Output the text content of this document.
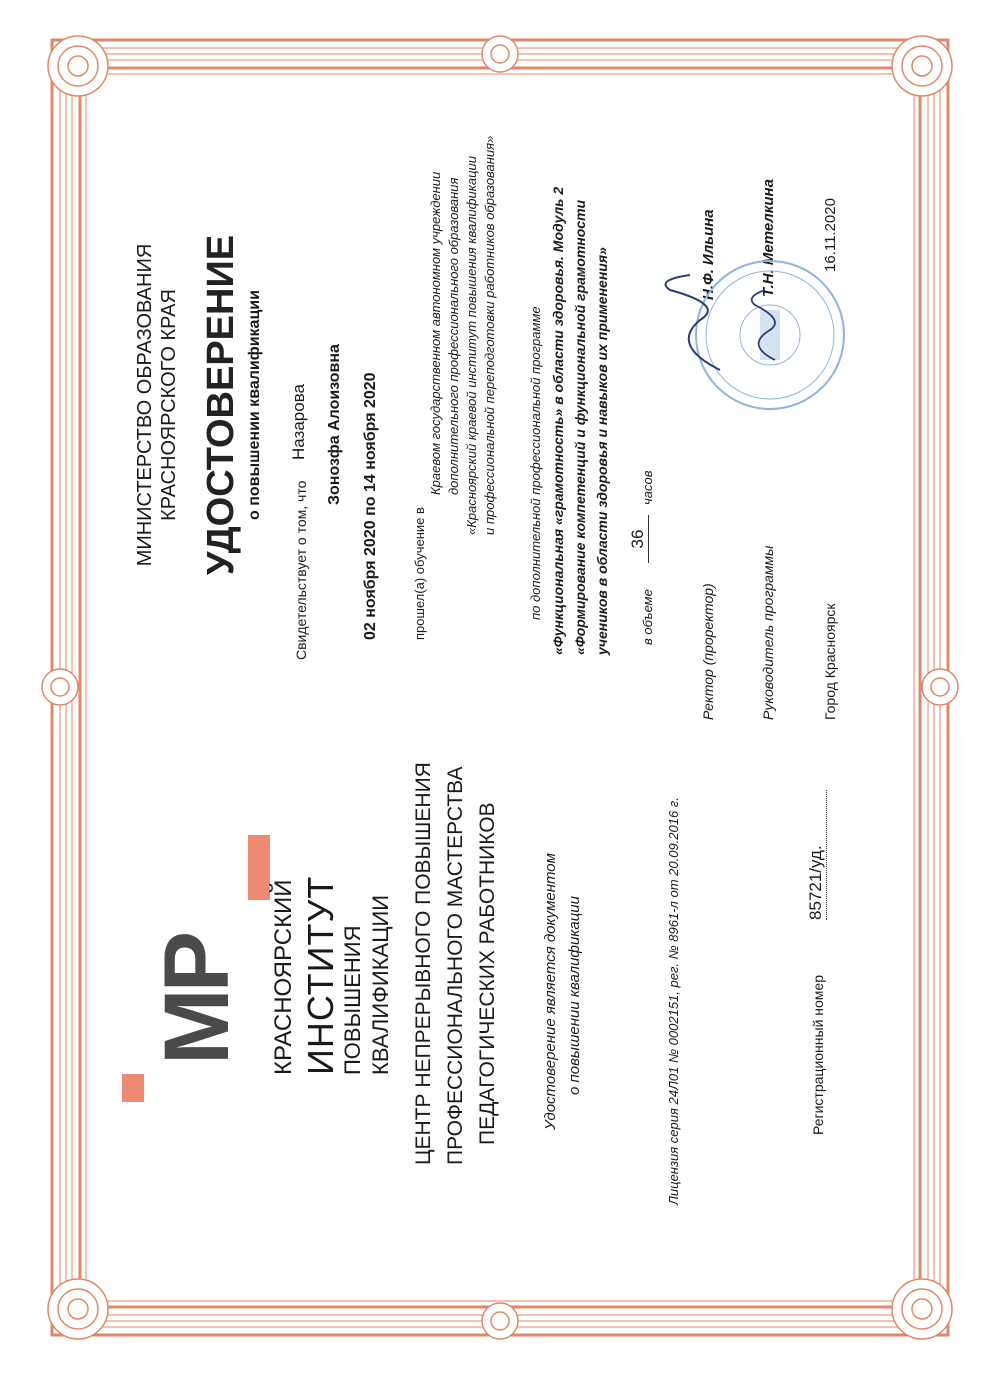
МР КРАСНОЯРСКИЙ ИНСТИТУТ ПОВЫШЕНИЯ КВАЛИФИКАЦИИ ЦЕНТР НЕПРЕРЫВНОГО ПОВЫШЕНИЯ ПРОФЕССИОНАЛЬНОГО МАСТЕРСТВА ПЕДАГОГИЧЕСКИХ РАБОТНИКОВ	Удостоверение является документом о повышении квалификации	Лицензия серия 24Л01 № 0002151, рег. № 8961-л от 20.09.2016 г.	Регистрационный номер
85721/уд.
МИНИСТЕРСТВО ОБРАЗОВАНИЯ КРАСНОЯРСКОГО КРАЯ УДОСТОВЕРЕНИЕ о повышении квалификации
Свидетельствует о том, что
Назарова Зонозфа Алоизовна 02 ноября 2020 по 14 ноября 2020	прошел(а) обучение в
Краевом государственном автономном учреждении дополнительного профессионального образования «Красноярский краевой институт повышения квалификации и профессиональной переподготовки работников образования» по дополнительной профессиональной программе «Функциональная «грамотность» в области здоровья. Модуль 2 «Формирование компетенций и функциональной грамотности учеников в области здоровья и навыков их применения» в объеме
36
часов
Ректор (проректор)
Н.Ф. Ильина
Руководитель программы
Т.Н. Метелкина
Город Красноярск
16.11.2020
